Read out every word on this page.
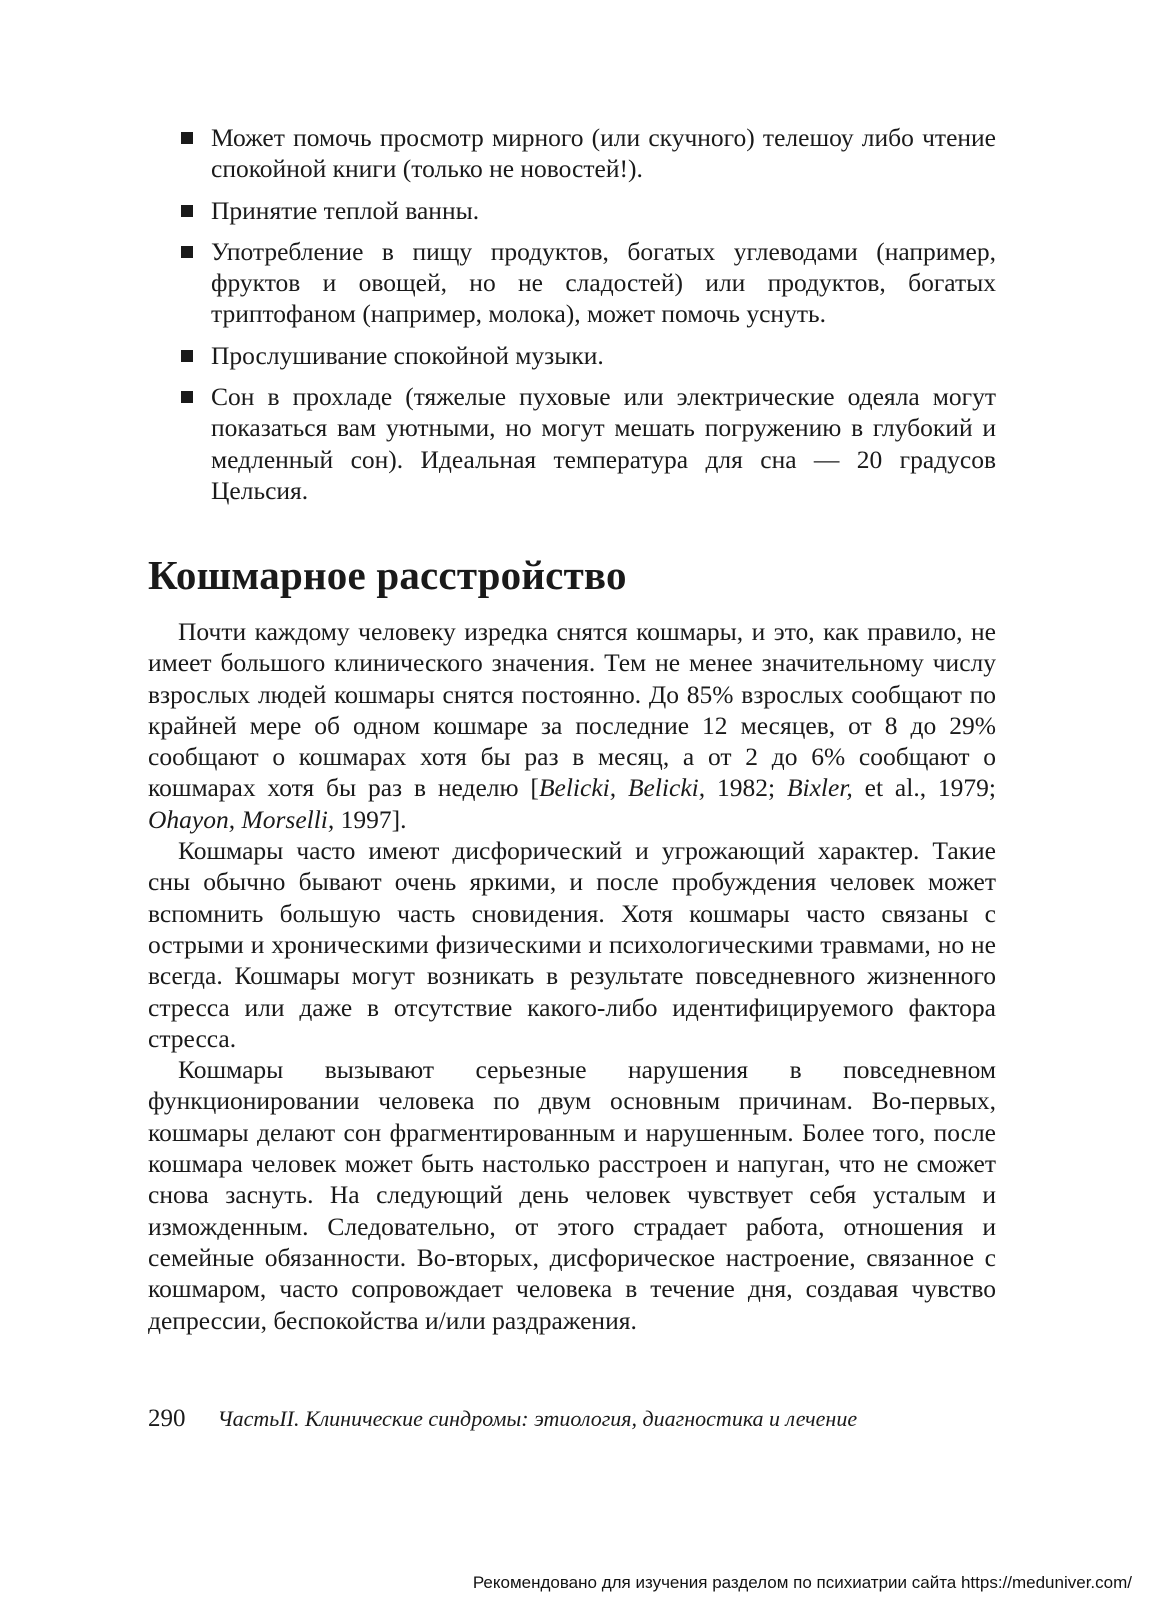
Может помочь просмотр мирного (или скучного) телешоу либо чтение спокойной книги (только не новостей!).
Принятие теплой ванны.
Употребление в пищу продуктов, богатых углеводами (например, фруктов и овощей, но не сладостей) или продуктов, богатых триптофаном (например, молока), может помочь уснуть.
Прослушивание спокойной музыки.
Сон в прохладе (тяжелые пуховые или электрические одеяла могут показаться вам уютными, но могут мешать погружению в глубокий и медленный сон). Идеальная температура для сна — 20 градусов Цельсия.
Кошмарное расстройство

Почти каждому человеку изредка снятся кошмары, и это, как правило, не имеет большого клинического значения. Тем не менее значительному числу взрослых людей кошмары снятся постоянно. До 85% взрослых сообщают по крайней мере об одном кошмаре за последние 12 месяцев, от 8 до 29% сообщают о кошмарах хотя бы раз в месяц, а от 2 до 6% сообщают о кошмарах хотя бы раз в неделю [Belicki, Belicki, 1982; Bixler, et al., 1979; Ohayon, Morselli, 1997].

Кошмары часто имеют дисфорический и угрожающий характер. Такие сны обычно бывают очень яркими, и после пробуждения человек может вспомнить большую часть сновидения. Хотя кошмары часто связаны с острыми и хроническими физическими и психологическими травмами, но не всегда. Кошмары могут возникать в результате повседневного жизненного стресса или даже в отсутствие какого-либо идентифицируемого фактора стресса.

Кошмары вызывают серьезные нарушения в повседневном функционировании человека по двум основным причинам. Во-первых, кошмары делают сон фрагментированным и нарушенным. Более того, после кошмара человек может быть настолько расстроен и напуган, что не сможет снова заснуть. На следующий день человек чувствует себя усталым и изможденным. Следовательно, от этого страдает работа, отношения и семейные обязанности. Во-вторых, дисфорическое настроение, связанное с кошмаром, часто сопровождает человека в течение дня, создавая чувство депрессии, беспокойства и/или раздражения.

290 ЧастьII. Клинические синдромы: этиология, диагностика и лечение
Рекомендовано для изучения разделом по психиатрии сайта https://meduniver.com/
